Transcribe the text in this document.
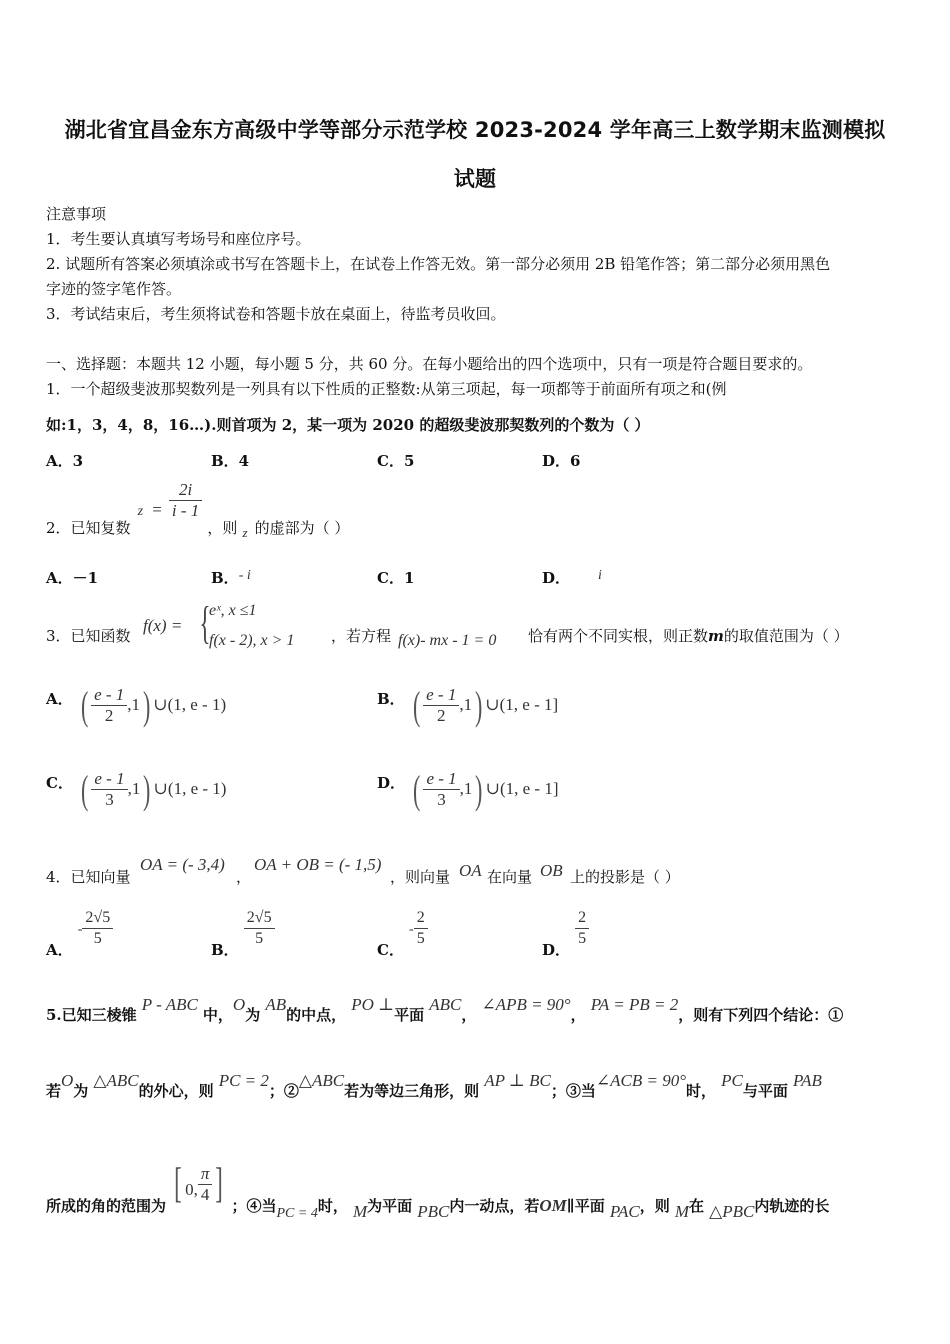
湖北省宜昌金东方高级中学等部分示范学校 2023-2024 学年高三上数学期末监测模拟
试题
注意事项
1．考生要认真填写考场号和座位序号。
2. 试题所有答案必须填涂或书写在答题卡上，在试卷上作答无效。第一部分必须用 2B 铅笔作答；第二部分必须用黑色
字迹的签字笔作答。
3．考试结束后，考生须将试卷和答题卡放在桌面上，待监考员收回。
一、选择题：本题共 12 小题，每小题 5 分，共 60 分。在每小题给出的四个选项中，只有一项是符合题目要求的。
1．一个超级斐波那契数列是一列具有以下性质的正整数:从第三项起，每一项都等于前面所有项之和(例
如:1，3，4，8，16…).则首项为 2，某一项为 2020 的超级斐波那契数列的个数为（ ）
A．3	B．4	C．5	D．6
2．已知复数 $z = \frac{2i}{i - 1}$
，则 $_z$ 的虚部为（ ）
A．－1	B．- i	C．1	D． i
3．已知函数
f(x) = {
eˣ, x ≤1
f(x - 2), x > 1 ，若方程 f(x)- mx - 1 = 0 恰有两个不同实根，则正数m的取值范围为（ ）
A． ( $\frac{e - 1}{2} ,1$) ∪(1, e - 1)	B． ( $\frac{e - 1}{2} ,1$) ∪(1, e - 1]
C． ( $\frac{e - 1}{3} ,1$) ∪(1, e - 1)	D． ( $\frac{e - 1}{3} ,1$) ∪(1, e - 1]
4．已知向量
OA = (- 3,4)
，
OA + OB = (- 1,5)
，则向量 OA 在向量 OB 上的投影是（ ）
A． - $\frac{2√5}{5}$
B．
$\frac{2√5}{5}$
C． - $\frac{2}{5}$
D．
$\frac{2}{5}$
5.已知三棱锥 P - ABC 中，O为 AB的中点， PO ⊥平面 ABC， ∠APB = 90°， PA = PB = 2，则有下列四个结论：①
若O为 △ABC的外心，则 PC = 2；②△ABC若为等边三角形，则 AP ⊥ BC；③当∠ACB = 90°时， PC与平面 PAB
所成的角的范围为 [ 0, $\frac{\pi}{4}$ ] ；④当PC = 4时， M为平面 PBC内一动点，若OM∥平面 PAC，则 M在 △PBC内轨迹的长
